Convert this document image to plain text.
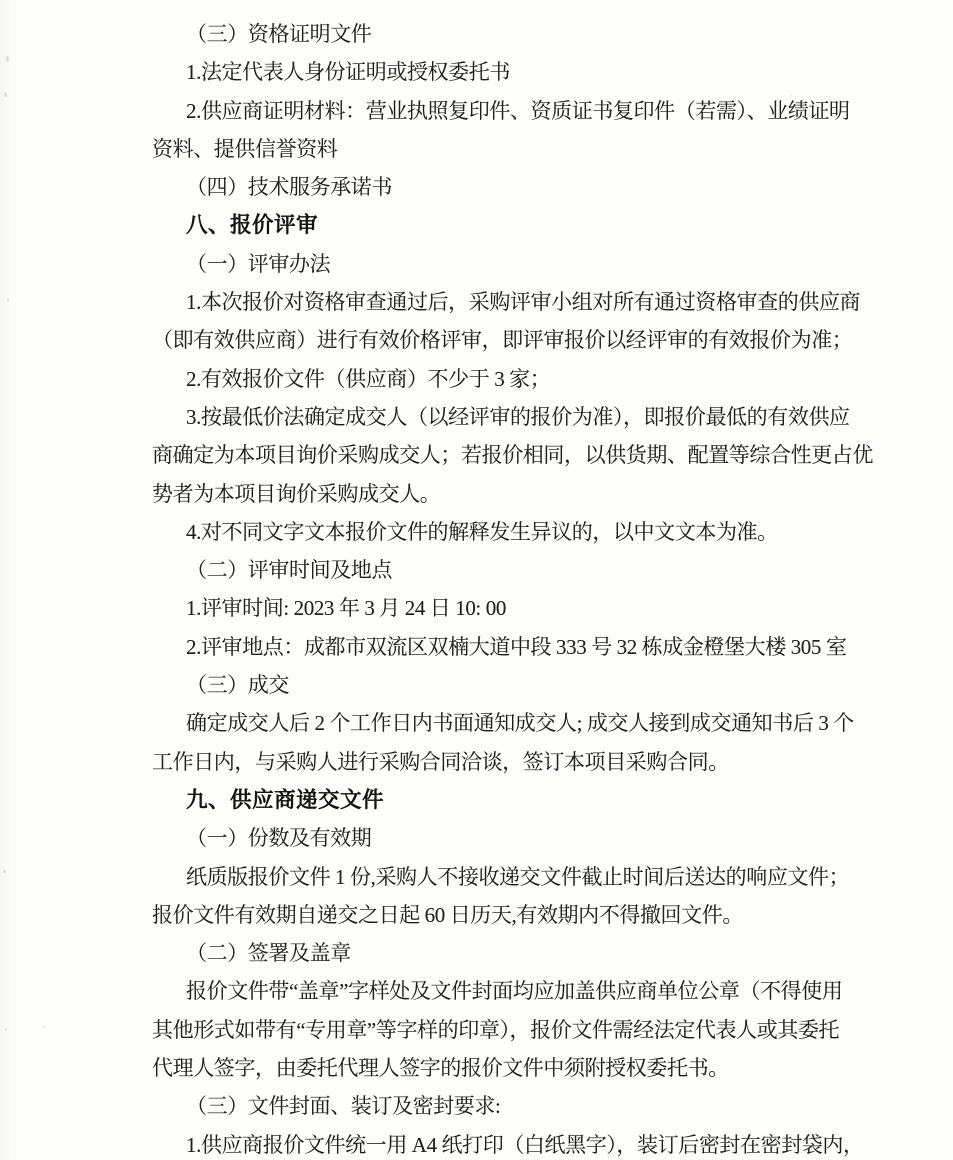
（三）资格证明文件
1.法定代表人身份证明或授权委托书
2.供应商证明材料：营业执照复印件、资质证书复印件（若需）、业绩证明
资料、提供信誉资料
（四）技术服务承诺书
八、报价评审
（一）评审办法
1.本次报价对资格审查通过后，采购评审小组对所有通过资格审查的供应商
（即有效供应商）进行有效价格评审，即评审报价以经评审的有效报价为准；
2.有效报价文件（供应商）不少于 3 家；
3.按最低价法确定成交人（以经评审的报价为准），即报价最低的有效供应
商确定为本项目询价采购成交人；若报价相同，以供货期、配置等综合性更占优
势者为本项目询价采购成交人。
4.对不同文字文本报价文件的解释发生异议的，以中文文本为准。
（二）评审时间及地点
1.评审时间: 2023 年 3 月 24 日 10: 00
2.评审地点：成都市双流区双楠大道中段 333 号 32 栋成金橙堡大楼 305 室
（三）成交
确定成交人后 2 个工作日内书面通知成交人; 成交人接到成交通知书后 3 个
工作日内，与采购人进行采购合同洽谈，签订本项目采购合同。
九、供应商递交文件
（一）份数及有效期
纸质版报价文件 1 份,采购人不接收递交文件截止时间后送达的响应文件；
报价文件有效期自递交之日起 60 日历天,有效期内不得撤回文件。
（二）签署及盖章
报价文件带“盖章”字样处及文件封面均应加盖供应商单位公章（不得使用
其他形式如带有“专用章”等字样的印章），报价文件需经法定代表人或其委托
代理人签字，由委托代理人签字的报价文件中须附授权委托书。
（三）文件封面、装订及密封要求:
1.供应商报价文件统一用 A4 纸打印（白纸黑字），装订后密封在密封袋内，
